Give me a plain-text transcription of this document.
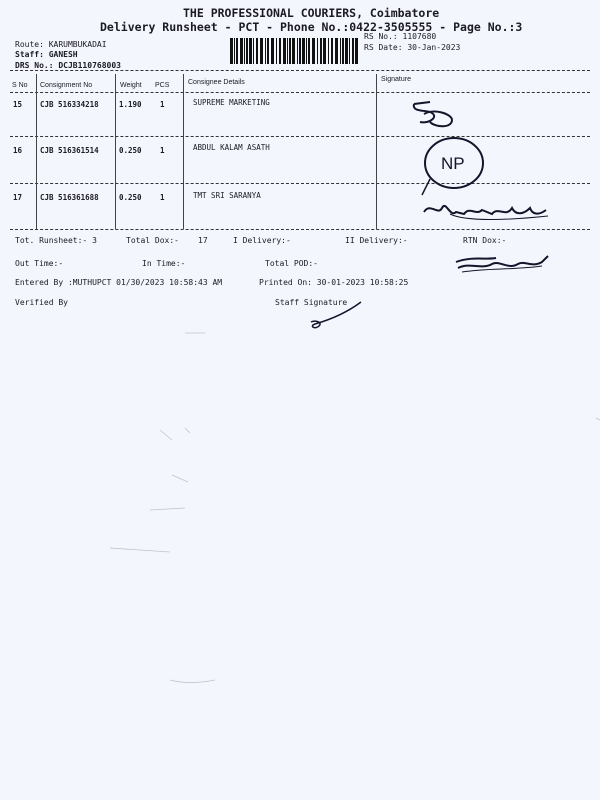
THE PROFESSIONAL COURIERS, Coimbatore
Delivery Runsheet - PCT - Phone No.:0422-3505555 - Page No.:3
Route: KARUMBUKADAI
Staff: GANESH
DRS No.: DCJB110768003
RS No.: 1107680
RS Date: 30-Jan-2023
S No Consignment No	Weight PCS	Consignee Details	Signature
15 CJB 516334218	1.190 1	SUPREME MARKETING
16 CJB 516361514	0.250 1	ABDUL KALAM ASATH
17 CJB 516361688	0.250 1	TMT SRI SARANYA
NP
Tot. Runsheet:- 3	Total Dox:- 17	I Delivery:-	II Delivery:-	RTN Dox:-
Out Time:-	In Time:-	Total POD:-
Entered By :MUTHUPCT 01/30/2023 10:58:43 AM	Printed On: 30-01-2023 10:58:25
Verified By	Staff Signature
